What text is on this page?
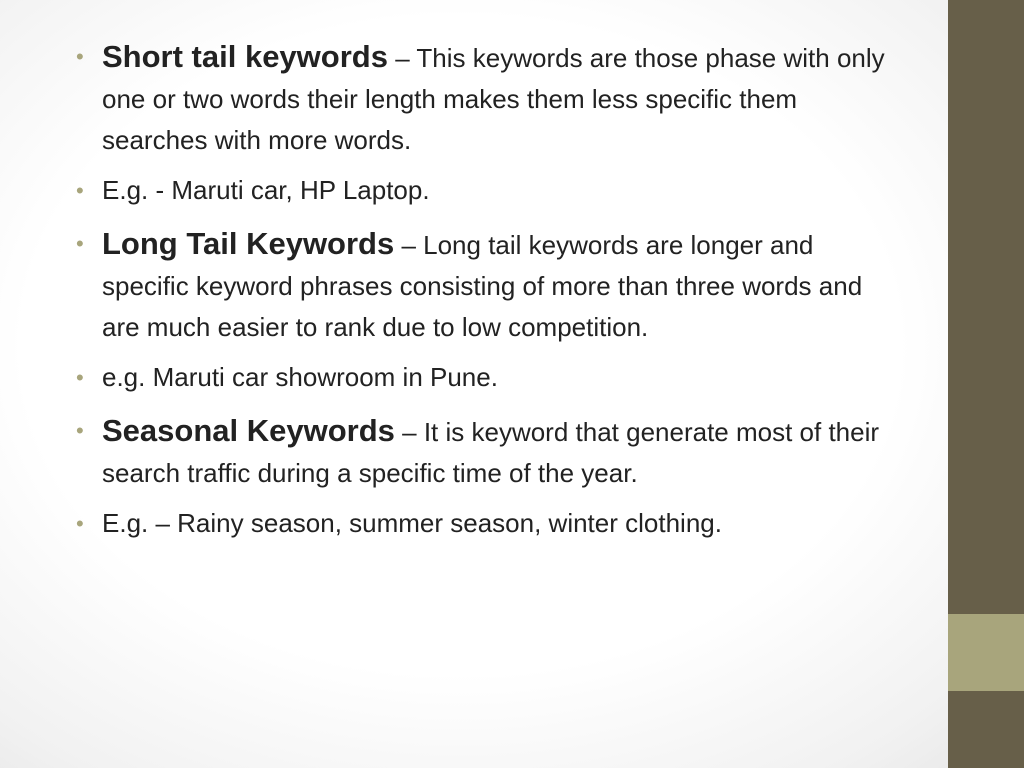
• Short tail keywords – This keywords are those phase with only one or two words their length makes them less specific them searches with more words.
• E.g. - Maruti car, HP Laptop.
• Long Tail Keywords – Long tail keywords are longer and specific keyword phrases consisting of more than three words and are much easier to rank due to low competition.
• e.g. Maruti car showroom in Pune.
• Seasonal Keywords – It is keyword that generate most of their search traffic during a specific time of the year.
• E.g. – Rainy season, summer season, winter clothing.
